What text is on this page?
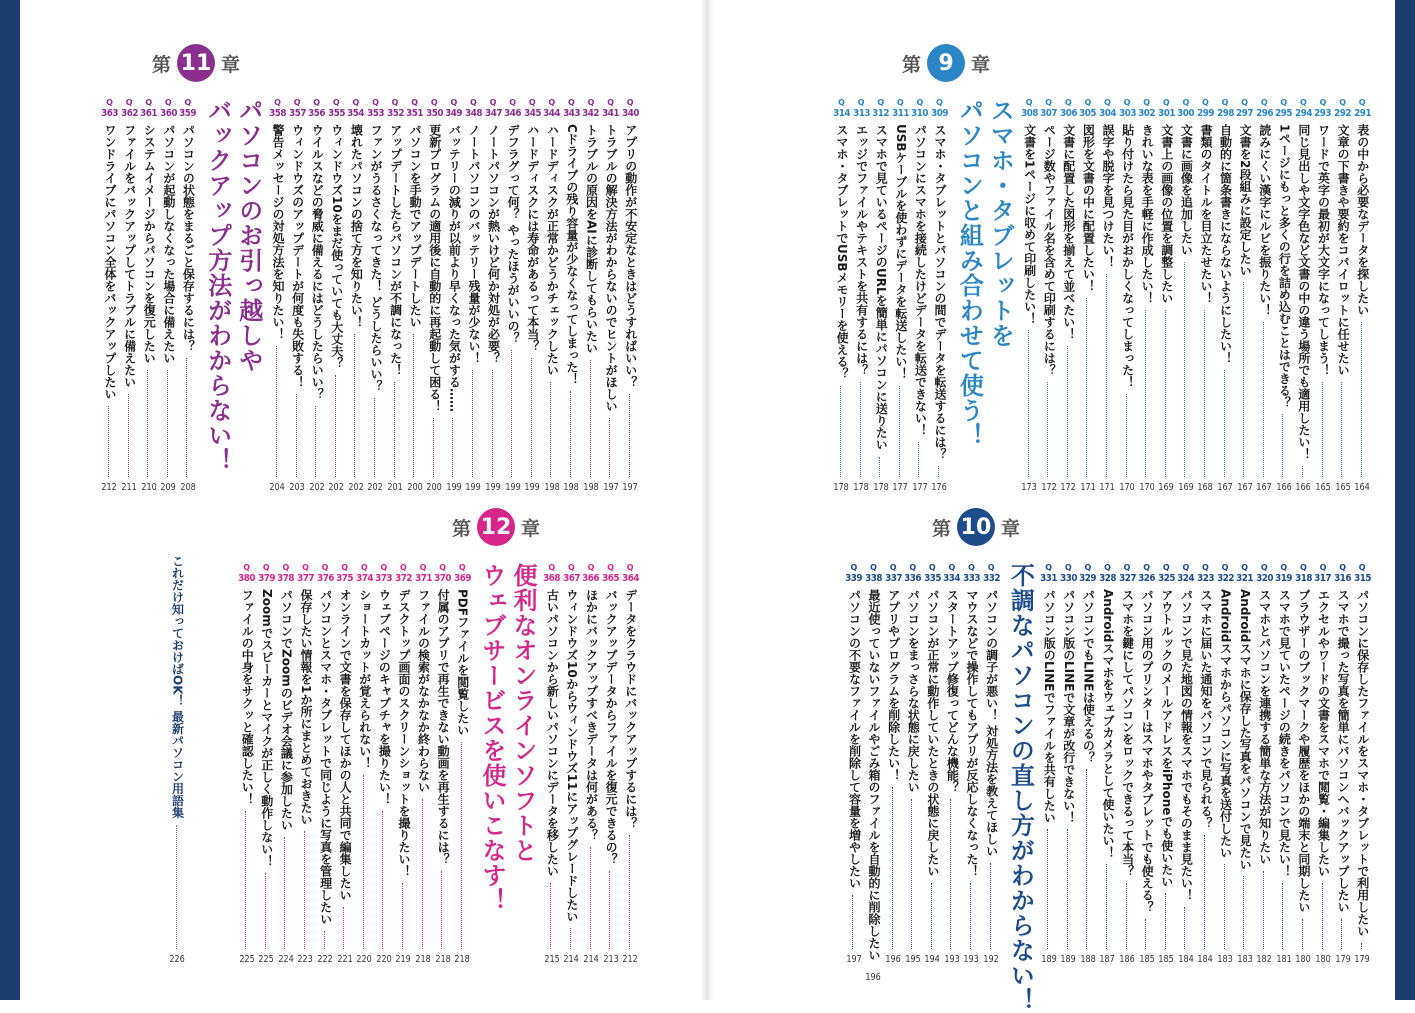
第 11 章	第 9 章
第 12 章	第 10 章
Q
340
アプリの動作が不安定なときはどうすればいい？
197
Q
341
トラブルの解決方法がわからないのでヒントがほしい
197
Q
342
トラブルの原因をAIに診断してもらいたい
198
Q
343
Cドライブの残り容量が少なくなってしまった！
198
Q
344
ハードディスクが正常かどうかチェックしたい
198
Q
345
ハードディスクには寿命があるって本当？
199
Q
346
デフラグって何？ やったほうがいいの？
199
Q
347
ノートパソコンが熱いけど何か対処が必要？
199
Q
348
ノートパソコンのバッテリー残量が少ない！
199
Q
349
バッテリーの減りが以前より早くなった気がする……
199
Q
350
更新プログラムの適用後に自動的に再起動して困る！
200
Q
351
パソコンを手動でアップデートしたい
200
Q
352
アップデートしたらパソコンが不調になった！
201
Q
353
ファンがうるさくなってきた！ どうしたらいい？
202
Q
354
壊れたパソコンの捨て方を知りたい！
202
Q
355
ウィンドウズ10をまだ使っていても大丈夫？
202
Q
356
ウイルスなどの脅威に備えるにはどうしたらいい？
202
Q
357
ウィンドウズのアップデートが何度も失敗する！
203
Q
358
警告メッセージの対処方法を知りたい！
204
パソコンのお引っ越しや
バックアップ方法がわからない！
Q
359
パソコンの状態をまるごと保存するには？
208
Q
360
パソコンが起動しなくなった場合に備えたい
209
Q
361
システムイメージからパソコンを復元したい
210
Q
362
ファイルをバックアップしてトラブルに備えたい
211
Q
363
ワンドライブにパソコン全体をバックアップしたい
212
Q
291
表の中から必要なデータを探したい
164
Q
292
文章の下書きや要約をコパイロットに任せたい
165
Q
293
ワードで英字の最初が大文字になってしまう！
165
Q
294
同じ見出しや文字色など文書の中の違う場所でも適用したい！
166
Q
295
1ページにもっと多くの行を詰め込むことはできる？
166
Q
296
読みにくい漢字にルビを振りたい！
167
Q
297
文書を2段組みに設定したい
167
Q
298
自動的に箇条書きにならないようにしたい！
167
Q
299
書類のタイトルを目立たせたい！
168
Q
300
文書に画像を追加したい
169
Q
301
文書上の画像の位置を調整したい
169
Q
302
きれいな表を手軽に作成したい！
170
Q
303
貼り付けたら見た目がおかしくなってしまった！
170
Q
304
誤字や脱字を見つけたい！
171
Q
305
図形を文書の中に配置したい！
171
Q
306
文書に配置した図形を揃えて並べたい！
172
Q
307
ページ数やファイル名を含めて印刷するには？
172
Q
308
文書を1ページに収めて印刷したい！
173
スマホ・タブレットを
パソコンと組み合わせて使う！
Q
309
スマホ・タブレットとパソコンの間でデータを転送するには？
176
Q
310
パソコンにスマホを接続したけどデータを転送できない！
177
Q
311
USBケーブルを使わずにデータを転送したい！
177
Q
312
スマホで見ているページのURLを簡単にパソコンに送りたい
178
Q
313
エッジでファイルやテキストを共有するには？
178
Q
314
スマホ・タブレットでUSBメモリーを使える？
178
Q
364
データをクラウドにバックアップするには？
212
Q
365
バックアップデータからファイルを復元できるの？
213
Q
366
ほかにバックアップすべきデータは何がある？
214
Q
367
ウィンドウズ10からウィンドウズ11にアップグレードしたい
214
Q
368
古いパソコンから新しいパソコンにデータを移したい
215
便利なオンラインソフトと
ウェブサービスを使いこなす！
Q
369
PDFファイルを閲覧したい
218
Q
370
付属のアプリで再生できない動画を再生するには？
218
Q
371
ファイルの検索がなかなか終わらない
218
Q
372
デスクトップ画面のスクリーンショットを撮りたい！
219
Q
373
ウェブページのキャプチャを撮りたい！
220
Q
374
ショートカットが覚えられない！
220
Q
375
オンラインで文書を保存してほかの人と共同で編集したい
221
Q
376
パソコンとスマホ・タブレットで同じように写真を管理したい
222
Q
377
保存したい情報を1か所にまとめておきたい
223
Q
378
パソコンでZoomのビデオ会議に参加したい
224
Q
379
Zoomでスピーカーとマイクが正しく動作しない！
225
Q
380
ファイルの中身をサクッと確認したい！
225
Q
315
パソコンに保存したファイルをスマホ・タブレットで利用したい
179
Q
316
スマホで撮った写真を簡単にパソコンへバックアップしたい
179
Q
317
エクセルやワードの文書をスマホで閲覧・編集したい
180
Q
318
ブラウザーのブックマークや履歴をほかの端末と同期したい
180
Q
319
スマホで見ていたページの続きをパソコンで見たい！
181
Q
320
スマホとパソコンを連携する簡単な方法が知りたい
182
Q
321
Androidスマホに保存した写真をパソコンで見たい
183
Q
322
Androidスマホからパソコンに写真を送付したい
183
Q
323
スマホに届いた通知をパソコンで見られる？
184
Q
324
パソコンで見た地図の情報をスマホでもそのまま見たい！
184
Q
325
アウトルックのメールアドレスをiPhoneでも使いたい
185
Q
326
パソコン用のプリンターはスマホやタブレットでも使える？
185
Q
327
スマホを鍵にしてパソコンをロックできるって本当？
186
Q
328
Androidスマホをウェブカメラとして使いたい！
187
Q
329
パソコンでもLINEは使えるの？
188
Q
330
パソコン版のLINEで文章が改行できない！
189
Q
331
パソコン版のLINEでファイルを共有したい
189
不調なパソコンの直し方がわからない！
Q
332
パソコンの調子が悪い！ 対処方法を教えてほしい
192
Q
333
マウスなどで操作してもアプリが反応しなくなった！
193
Q
334
スタートアップ修復ってどんな機能？
193
Q
335
パソコンが正常に動作していたときの状態に戻したい
194
Q
336
パソコンをまっさらな状態に戻したい
195
Q
337
アプリやプログラムを削除したい！
196
Q
338
最近使っていないファイルやごみ箱のファイルを自動的に削除したい
196
Q
339
パソコンの不要なファイルを削除して容量を増やしたい
197
これだけ知っておけばOK！ 最新パソコン用語集
226
